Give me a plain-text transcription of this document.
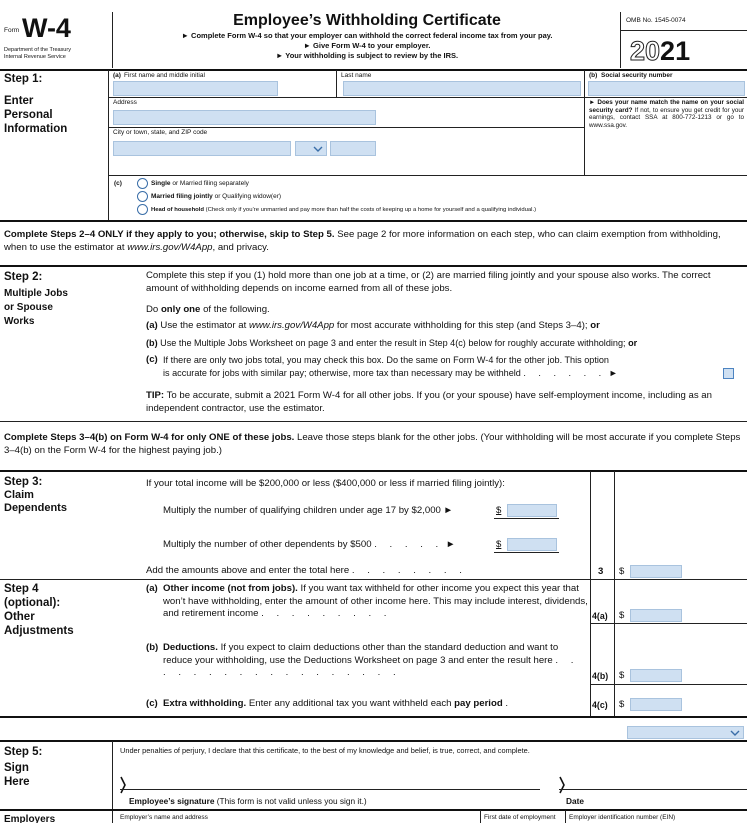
Form W-4
Department of the Treasury
Internal Revenue Service
Employee’s Withholding Certificate
► Complete Form W-4 so that your employer can withhold the correct federal income tax from your pay.
► Give Form W-4 to your employer.
► Your withholding is subject to review by the IRS.
OMB No. 1545-0074
2021
Step 1:
Enter
Personal
Information
(a) First name and middle initial	Last name	(b) Social security number
Address
City or town, state, and ZIP code
► Does your name match the name on your social security card? If not, to ensure you get credit for your earnings, contact SSA at 800-772-1213 or go to www.ssa.gov.
(c)	Single or Married filing separately
Married filing jointly or Qualifying widow(er)
Head of household (Check only if you’re unmarried and pay more than half the costs of keeping up a home for yourself and a qualifying individual.)
Complete Steps 2–4 ONLY if they apply to you; otherwise, skip to Step 5. See page 2 for more information on each step, who can claim exemption from withholding, when to use the estimator at www.irs.gov/W4App, and privacy.
Step 2:
Multiple Jobs
or Spouse
Works
Complete this step if you (1) hold more than one job at a time, or (2) are married filing jointly and your spouse also works. The correct amount of withholding depends on income earned from all of these jobs.
Do only one of the following.
(a) Use the estimator at www.irs.gov/W4App for most accurate withholding for this step (and Steps 3–4); or
(b) Use the Multiple Jobs Worksheet on page 3 and enter the result in Step 4(c) below for roughly accurate withholding; or
(c) If there are only two jobs total, you may check this box. Do the same on Form W-4 for the other job. This option
is accurate for jobs with similar pay; otherwise, more tax than necessary may be withheld . . . . . . ►
TIP: To be accurate, submit a 2021 Form W-4 for all other jobs. If you (or your spouse) have self-employment income, including as an independent contractor, use the estimator.
Complete Steps 3–4(b) on Form W-4 for only ONE of these jobs. Leave those steps blank for the other jobs. (Your withholding will be most accurate if you complete Steps 3–4(b) on the Form W-4 for the highest paying job.)
Step 3:
Claim
Dependents
If your total income will be $200,000 or less ($400,000 or less if married filing jointly):
Multiply the number of qualifying children under age 17 by $2,000 ►	$
Multiply the number of other dependents by $500 . . . . . ►	$
Add the amounts above and enter the total here . . . . . . . .	3 $
Step 4
(optional):
Other
Adjustments
(a) Other income (not from jobs). If you want tax withheld for other income you expect this year that won’t have withholding, enter the amount of other income here. This may include interest, dividends, and retirement income . . . . . . . . .	4(a) $
(b) Deductions. If you expect to claim deductions other than the standard deduction and want to reduce your withholding, use the Deductions Worksheet on page 3 and enter the result here . . . . . . . . . . . . . . . . . .	4(b) $
(c) Extra withholding. Enter any additional tax you want withheld each pay period .	4(c) $
Step 5:
Sign
Here
Under penalties of perjury, I declare that this certificate, to the best of my knowledge and belief, is true, correct, and complete.
Employee’s signature (This form is not valid unless you sign it.)	Date
Employers	Employer’s name and address	First date of employment Employer identification number (EIN)
